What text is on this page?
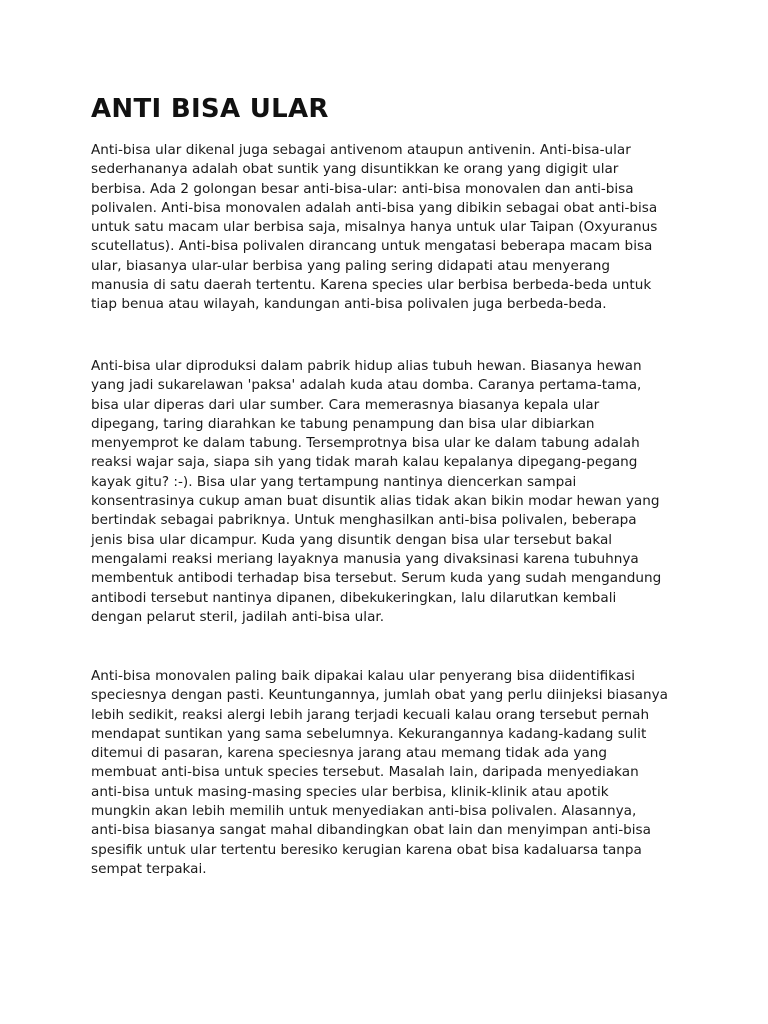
ANTI BISA ULAR

Anti-bisa ular dikenal juga sebagai antivenom ataupun antivenin. Anti-bisa-ular
sederhananya adalah obat suntik yang disuntikkan ke orang yang digigit ular
berbisa. Ada 2 golongan besar anti-bisa-ular: anti-bisa monovalen dan anti-bisa
polivalen. Anti-bisa monovalen adalah anti-bisa yang dibikin sebagai obat anti-bisa
untuk satu macam ular berbisa saja, misalnya hanya untuk ular Taipan (Oxyuranus
scutellatus). Anti-bisa polivalen dirancang untuk mengatasi beberapa macam bisa
ular, biasanya ular-ular berbisa yang paling sering didapati atau menyerang
manusia di satu daerah tertentu. Karena species ular berbisa berbeda-beda untuk
tiap benua atau wilayah, kandungan anti-bisa polivalen juga berbeda-beda.

Anti-bisa ular diproduksi dalam pabrik hidup alias tubuh hewan. Biasanya hewan
yang jadi sukarelawan 'paksa' adalah kuda atau domba. Caranya pertama-tama,
bisa ular diperas dari ular sumber. Cara memerasnya biasanya kepala ular
dipegang, taring diarahkan ke tabung penampung dan bisa ular dibiarkan
menyemprot ke dalam tabung. Tersemprotnya bisa ular ke dalam tabung adalah
reaksi wajar saja, siapa sih yang tidak marah kalau kepalanya dipegang-pegang
kayak gitu? :-). Bisa ular yang tertampung nantinya diencerkan sampai
konsentrasinya cukup aman buat disuntik alias tidak akan bikin modar hewan yang
bertindak sebagai pabriknya. Untuk menghasilkan anti-bisa polivalen, beberapa
jenis bisa ular dicampur. Kuda yang disuntik dengan bisa ular tersebut bakal
mengalami reaksi meriang layaknya manusia yang divaksinasi karena tubuhnya
membentuk antibodi terhadap bisa tersebut. Serum kuda yang sudah mengandung
antibodi tersebut nantinya dipanen, dibekukeringkan, lalu dilarutkan kembali
dengan pelarut steril, jadilah anti-bisa ular.

Anti-bisa monovalen paling baik dipakai kalau ular penyerang bisa diidentifikasi
speciesnya dengan pasti. Keuntungannya, jumlah obat yang perlu diinjeksi biasanya
lebih sedikit, reaksi alergi lebih jarang terjadi kecuali kalau orang tersebut pernah
mendapat suntikan yang sama sebelumnya. Kekurangannya kadang-kadang sulit
ditemui di pasaran, karena speciesnya jarang atau memang tidak ada yang
membuat anti-bisa untuk species tersebut. Masalah lain, daripada menyediakan
anti-bisa untuk masing-masing species ular berbisa, klinik-klinik atau apotik
mungkin akan lebih memilih untuk menyediakan anti-bisa polivalen. Alasannya,
anti-bisa biasanya sangat mahal dibandingkan obat lain dan menyimpan anti-bisa
spesifik untuk ular tertentu beresiko kerugian karena obat bisa kadaluarsa tanpa
sempat terpakai.
